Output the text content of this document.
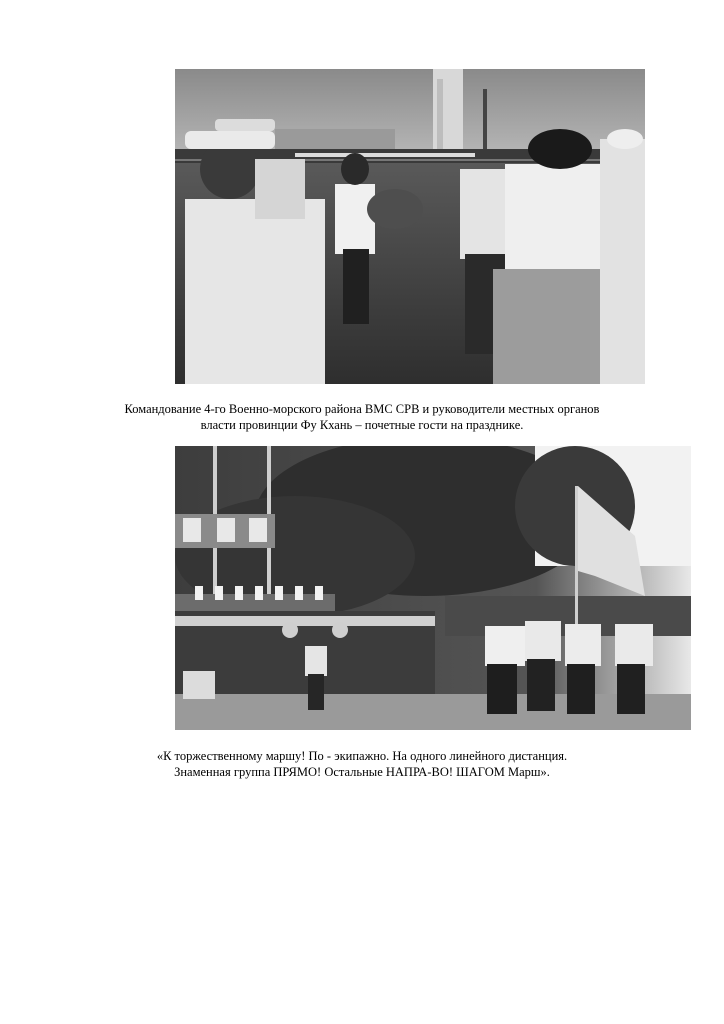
Командование 4-го Военно-морского района ВМС СРВ и руководители местных органов
власти провинции Фу Кхань – почетные гости на празднике.
«К торжественному маршу! По - экипажно. На одного линейного дистанция.
Знаменная группа ПРЯМО! Остальные НАПРА-ВО! ШАГОМ Марш».
